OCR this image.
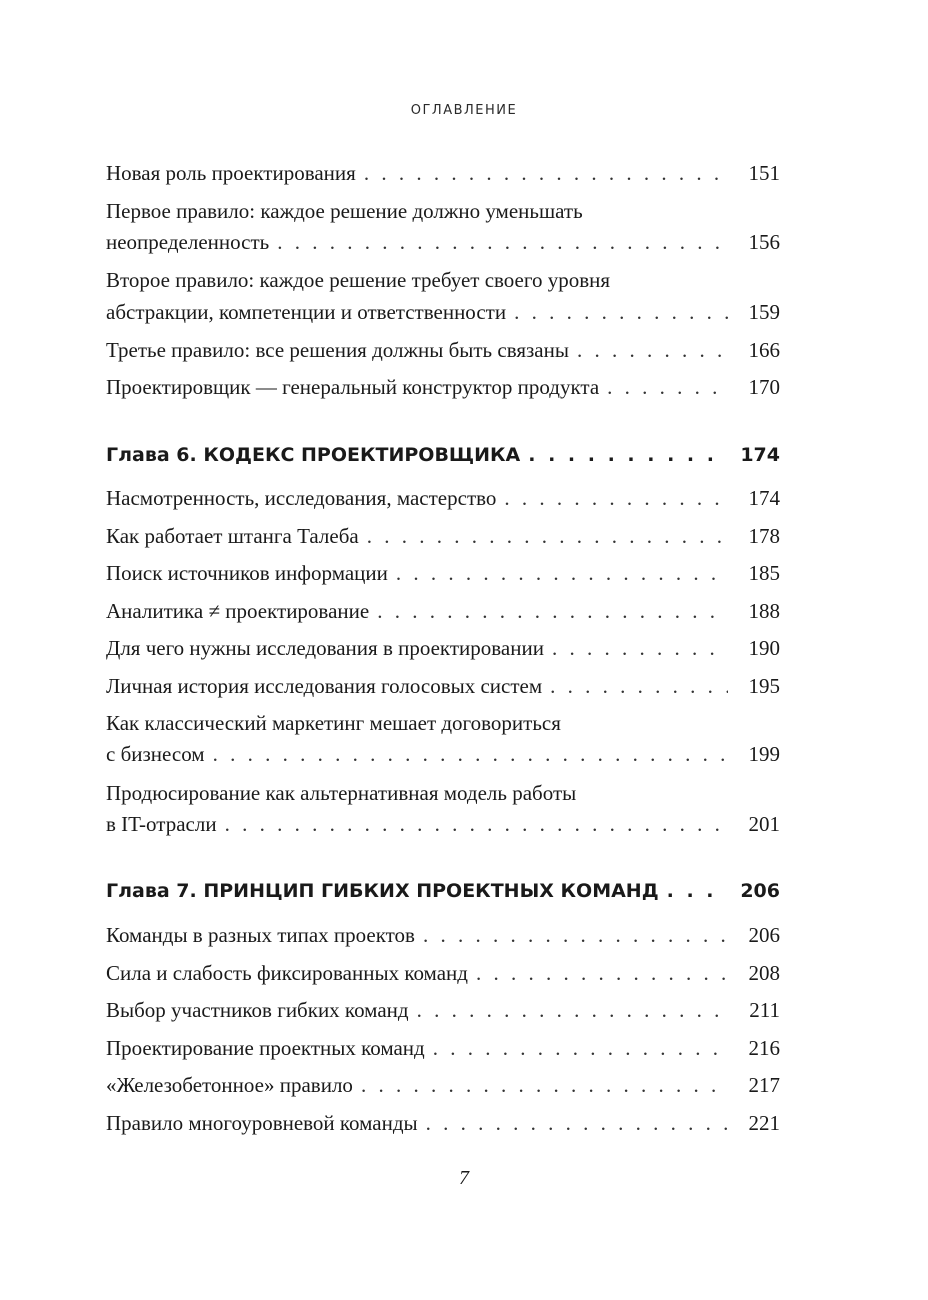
ОГЛАВЛЕНИЕ
Новая роль проектирования . . .	151
Первое правило: каждое решение должно уменьшать
неопределенность . . .	156
Второе правило: каждое решение требует своего уровня
абстракции, компетенции и ответственности . . .	159
Третье правило: все решения должны быть связаны . . .	166
Проектировщик — генеральный конструктор продукта . . .	170
Глава 6. КОДЕКС ПРОЕКТИРОВЩИКА . . .	174
Насмотренность, исследования, мастерство . . .	174
Как работает штанга Талеба . . .	178
Поиск источников информации . . .	185
Аналитика ≠ проектирование . . .	188
Для чего нужны исследования в проектировании . . .	190
Личная история исследования голосовых систем . . .	195
Как классический маркетинг мешает договориться
с бизнесом . . .	199
Продюсирование как альтернативная модель работы
в IT-отрасли . . .	201
Глава 7. ПРИНЦИП ГИБКИХ ПРОЕКТНЫХ КОМАНД . . .	206
Команды в разных типах проектов . . .	206
Сила и слабость фиксированных команд . . .	208
Выбор участников гибких команд . . .	211
Проектирование проектных команд . . .	216
«Железобетонное» правило . . .	217
Правило многоуровневой команды . . .	221
7
